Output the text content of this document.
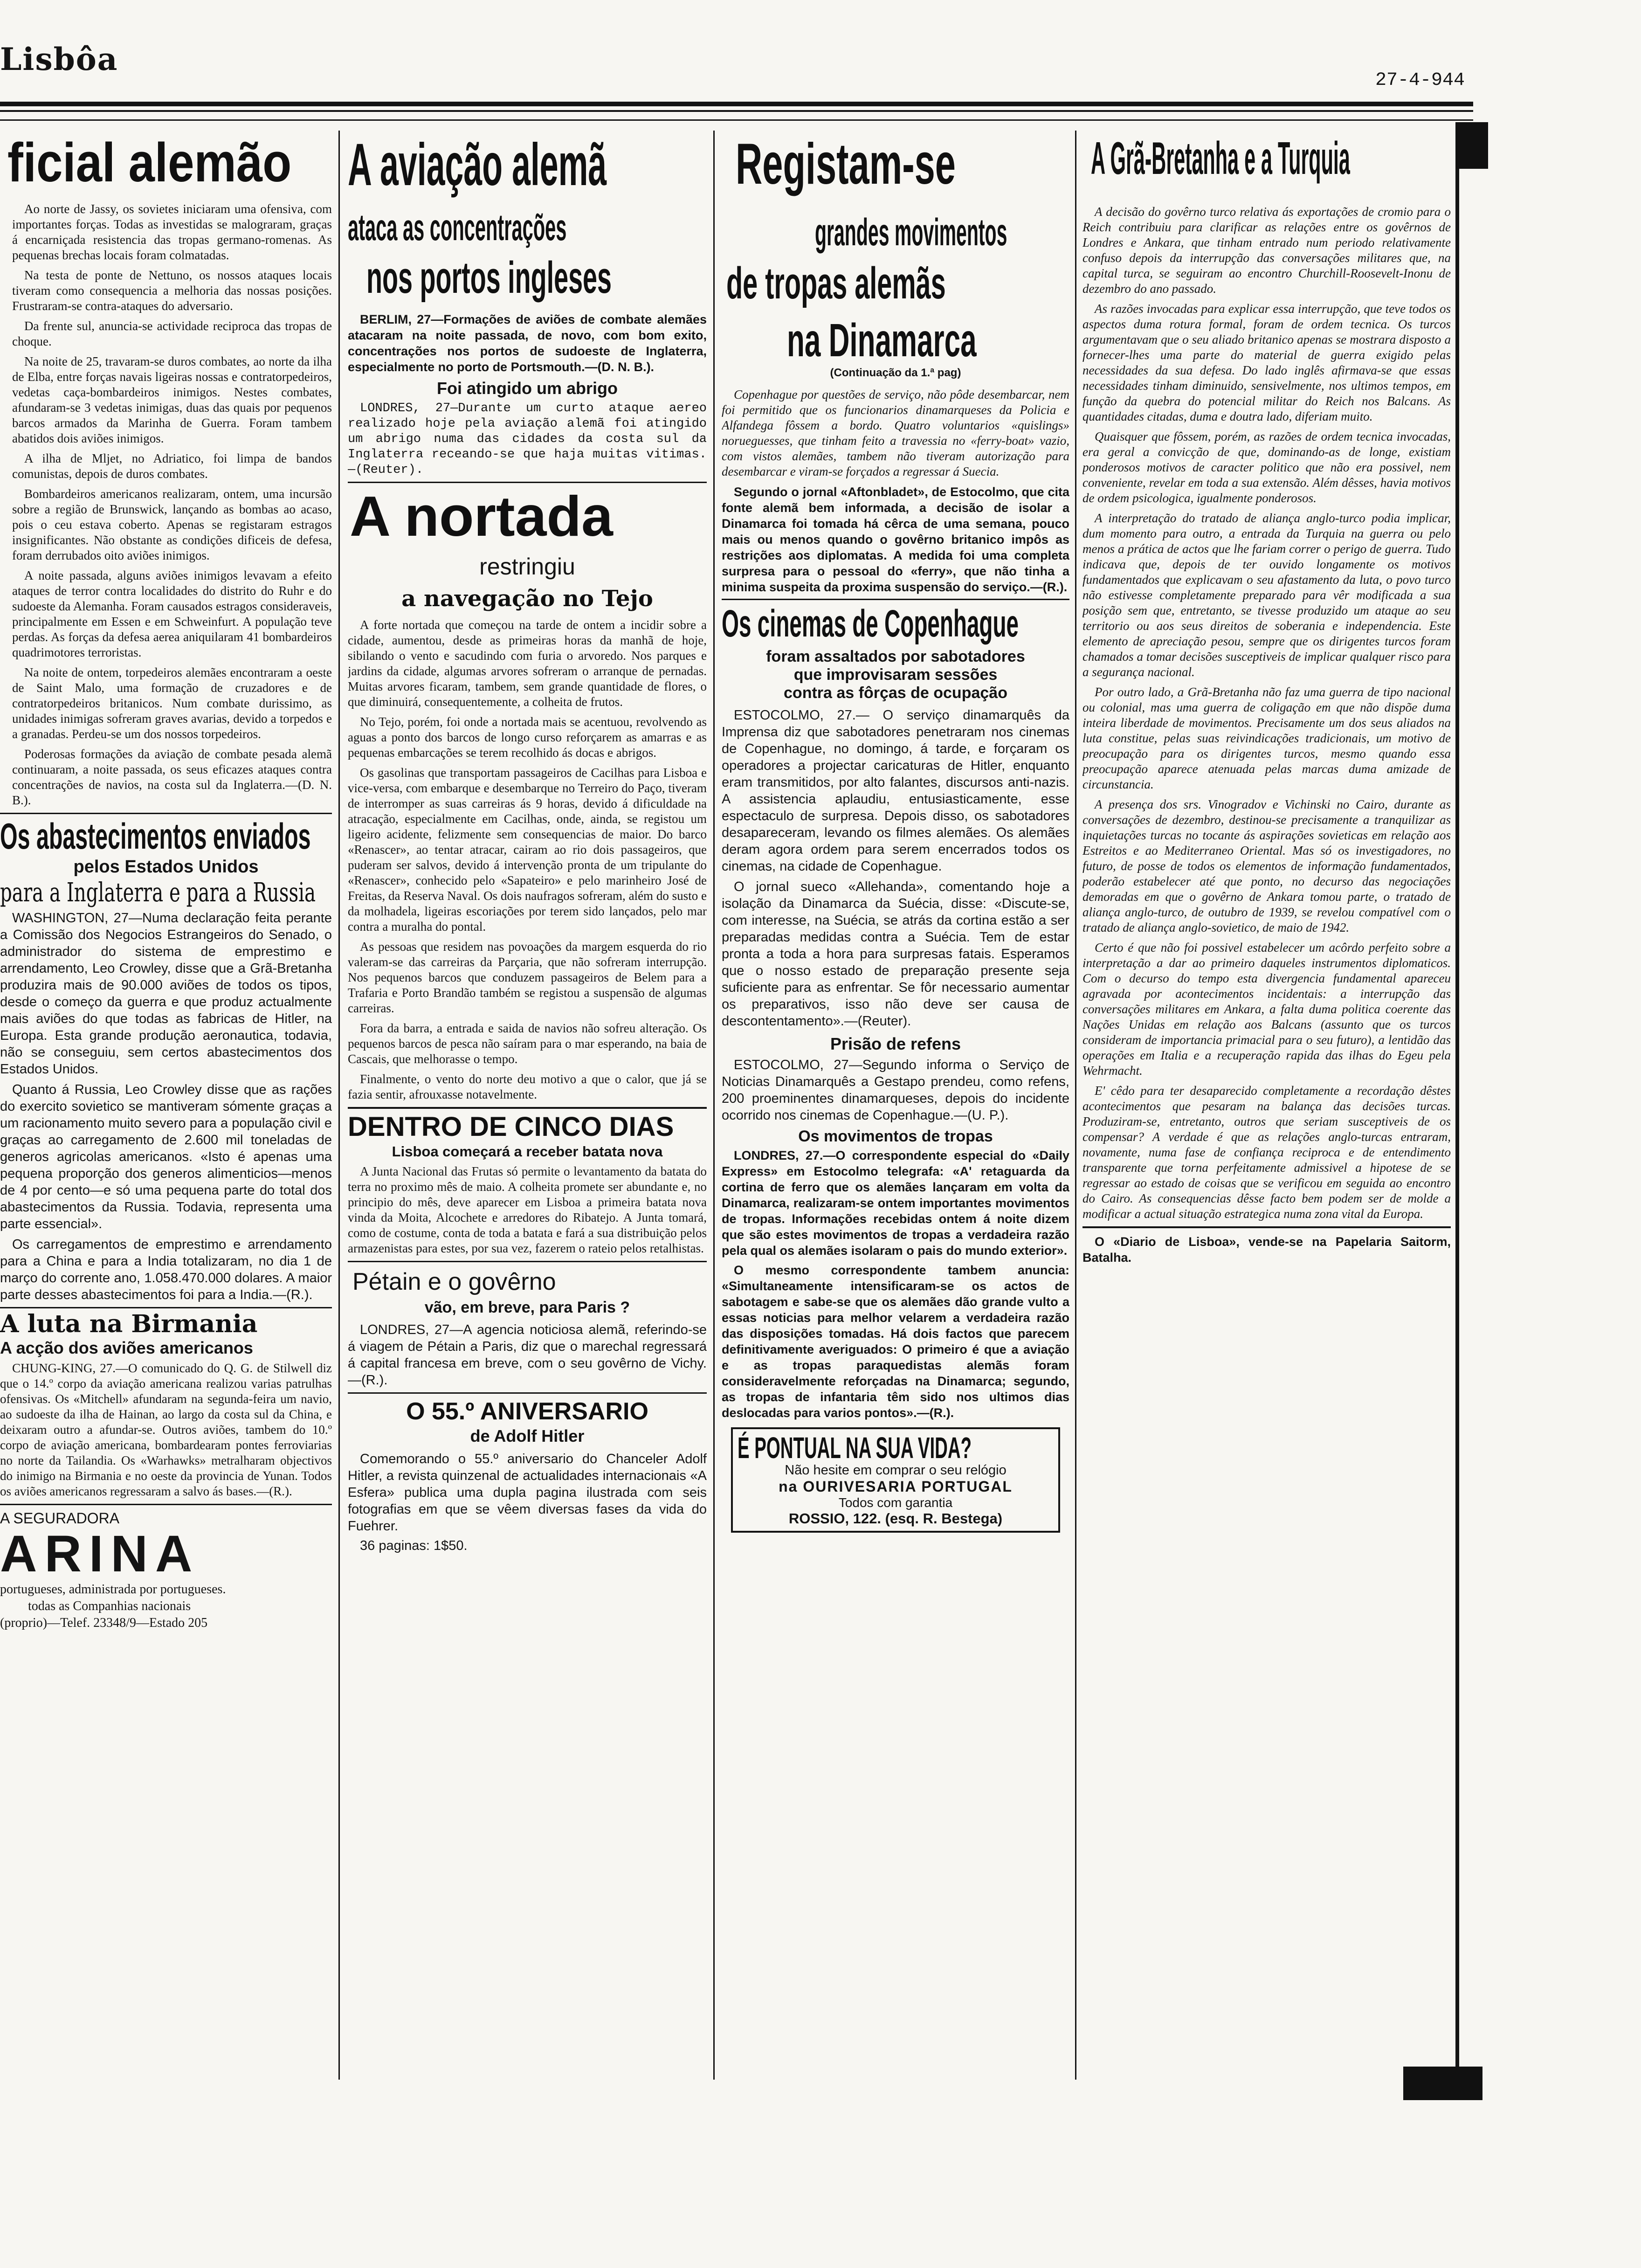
Lisbôa
27-4-944
ficial alemão

Ao norte de Jassy, os sovietes iniciaram uma ofensiva, com importantes forças. Todas as investidas se malograram, graças á encarniçada resistencia das tropas germano-romenas. As pequenas brechas locais foram colmatadas.

Na testa de ponte de Nettuno, os nossos ataques locais tiveram como consequencia a melhoria das nossas posições. Frustraram-se contra-ataques do adversario.

Da frente sul, anuncia-se actividade reciproca das tropas de choque.

Na noite de 25, travaram-se duros combates, ao norte da ilha de Elba, entre forças navais ligeiras nossas e contratorpedeiros, vedetas caça-bombardeiros inimigos. Nestes combates, afundaram-se 3 vedetas inimigas, duas das quais por pequenos barcos armados da Marinha de Guerra. Foram tambem abatidos dois aviões inimigos.

A ilha de Mljet, no Adriatico, foi limpa de bandos comunistas, depois de duros combates.

Bombardeiros americanos realizaram, ontem, uma incursão sobre a região de Brunswick, lançando as bombas ao acaso, pois o ceu estava coberto. Apenas se registaram estragos insignificantes. Não obstante as condições dificeis de defesa, foram derrubados oito aviões inimigos.

A noite passada, alguns aviões inimigos levavam a efeito ataques de terror contra localidades do distrito do Ruhr e do sudoeste da Alemanha. Foram causados estragos consideraveis, principalmente em Essen e em Schweinfurt. A população teve perdas. As forças da defesa aerea aniquilaram 41 bombardeiros quadrimotores terroristas.

Na noite de ontem, torpedeiros alemães encontraram a oeste de Saint Malo, uma formação de cruzadores e de contratorpedeiros britanicos. Num combate durissimo, as unidades inimigas sofreram graves avarias, devido a torpedos e a granadas. Perdeu-se um dos nossos torpedeiros.

Poderosas formações da aviação de combate pesada alemã continuaram, a noite passada, os seus eficazes ataques contra concentrações de navios, na costa sul da Inglaterra.—(D. N. B.).

Os abastecimentos enviados
pelos Estados Unidos
para a Inglaterra e para a Russia

WASHINGTON, 27—Numa declaração feita perante a Comissão dos Negocios Estrangeiros do Senado, o administrador do sistema de emprestimo e arrendamento, Leo Crowley, disse que a Grã-Bretanha produzira mais de 90.000 aviões de todos os tipos, desde o começo da guerra e que produz actualmente mais aviões do que todas as fabricas de Hitler, na Europa. Esta grande produção aeronautica, todavia, não se conseguiu, sem certos abastecimentos dos Estados Unidos.

Quanto á Russia, Leo Crowley disse que as rações do exercito sovietico se mantiveram sómente graças a um racionamento muito severo para a população civil e graças ao carregamento de 2.600 mil toneladas de generos agricolas americanos. «Isto é apenas uma pequena proporção dos generos alimenticios—menos de 4 por cento—e só uma pequena parte do total dos abastecimentos da Russia. Todavia, representa uma parte essencial».

Os carregamentos de emprestimo e arrendamento para a China e para a India totalizaram, no dia 1 de março do corrente ano, 1.058.470.000 dolares. A maior parte desses abastecimentos foi para a India.—(R.).

A luta na Birmania
A acção dos aviões americanos

CHUNG-KING, 27.—O comunicado do Q. G. de Stilwell diz que o 14.º corpo da aviação americana realizou varias patrulhas ofensivas. Os «Mitchell» afundaram na segunda-feira um navio, ao sudoeste da ilha de Hainan, ao largo da costa sul da China, e deixaram outro a afundar-se. Outros aviões, tambem do 10.º corpo de aviação americana, bombardearam pontes ferroviarias no norte da Tailandia. Os «Warhawks» metralharam objectivos do inimigo na Birmania e no oeste da provincia de Yunan. Todos os aviões americanos regressaram a salvo ás bases.—(R.).

A SEGURADORA
ARINA
portugueses, administrada por portugueses.
todas as Companhias nacionais
(proprio)—Telef. 23348/9—Estado 205
A aviação alemã
ataca as concentrações
nos portos ingleses

BERLIM, 27—Formações de aviões de combate alemães atacaram na noite passada, de novo, com bom exito, concentrações nos portos de sudoeste de Inglaterra, especialmente no porto de Portsmouth.—(D. N. B.).

Foi atingido um abrigo

LONDRES, 27—Durante um curto ataque aereo realizado hoje pela aviação alemã foi atingido um abrigo numa das cidades da costa sul da Inglaterra receando-se que haja muitas vitimas.—(Reuter).

A nortada
restringiu
a navegação no Tejo

A forte nortada que começou na tarde de ontem a incidir sobre a cidade, aumentou, desde as primeiras horas da manhã de hoje, sibilando o vento e sacudindo com furia o arvoredo. Nos parques e jardins da cidade, algumas arvores sofreram o arranque de pernadas. Muitas arvores ficaram, tambem, sem grande quantidade de flores, o que diminuirá, consequentemente, a colheita de frutos.

No Tejo, porém, foi onde a nortada mais se acentuou, revolvendo as aguas a ponto dos barcos de longo curso reforçarem as amarras e as pequenas embarcações se terem recolhido ás docas e abrigos.

Os gasolinas que transportam passageiros de Cacilhas para Lisboa e vice-versa, com embarque e desembarque no Terreiro do Paço, tiveram de interromper as suas carreiras ás 9 horas, devido á dificuldade na atracação, especialmente em Cacilhas, onde, ainda, se registou um ligeiro acidente, felizmente sem consequencias de maior. Do barco «Renascer», ao tentar atracar, cairam ao rio dois passageiros, que puderam ser salvos, devido á intervenção pronta de um tripulante do «Renascer», conhecido pelo «Sapateiro» e pelo marinheiro José de Freitas, da Reserva Naval. Os dois naufragos sofreram, além do susto e da molhadela, ligeiras escoriações por terem sido lançados, pelo mar contra a muralha do pontal.

As pessoas que residem nas povoações da margem esquerda do rio valeram-se das carreiras da Parçaria, que não sofreram interrupção. Nos pequenos barcos que conduzem passageiros de Belem para a Trafaria e Porto Brandão também se registou a suspensão de algumas carreiras.

Fora da barra, a entrada e saida de navios não sofreu alteração. Os pequenos barcos de pesca não saíram para o mar esperando, na baia de Cascais, que melhorasse o tempo.

Finalmente, o vento do norte deu motivo a que o calor, que já se fazia sentir, afrouxasse notavelmente.

DENTRO DE CINCO DIAS
Lisboa começará a receber batata nova

A Junta Nacional das Frutas só permite o levantamento da batata do terra no proximo mês de maio. A colheita promete ser abundante e, no principio do mês, deve aparecer em Lisboa a primeira batata nova vinda da Moita, Alcochete e arredores do Ribatejo. A Junta tomará, como de costume, conta de toda a batata e fará a sua distribuição pelos armazenistas para estes, por sua vez, fazerem o rateio pelos retalhistas.

Pétain e o govêrno
vão, em breve, para Paris ?

LONDRES, 27—A agencia noticiosa alemã, referindo-se á viagem de Pétain a Paris, diz que o marechal regressará á capital francesa em breve, com o seu govêrno de Vichy.—(R.).

O 55.º ANIVERSARIO
de Adolf Hitler

Comemorando o 55.º aniversario do Chanceler Adolf Hitler, a revista quinzenal de actualidades internacionais «A Esfera» publica uma dupla pagina ilustrada com seis fotografias em que se vêem diversas fases da vida do Fuehrer.

36 paginas: 1$50.
Registam-se
grandes movimentos
de tropas alemãs
na Dinamarca
(Continuação da 1.ª pag)

Copenhague por questões de serviço, não pôde desembarcar, nem foi permitido que os funcionarios dinamarqueses da Policia e Alfandega fôssem a bordo. Quatro voluntarios «quislings» norueguesses, que tinham feito a travessia no «ferry-boat» vazio, com vistos alemães, tambem não tiveram autorização para desembarcar e viram-se forçados a regressar á Suecia.

Segundo o jornal «Aftonbladet», de Estocolmo, que cita fonte alemã bem informada, a decisão de isolar a Dinamarca foi tomada há cêrca de uma semana, pouco mais ou menos quando o govêrno britanico impôs as restrições aos diplomatas. A medida foi uma completa surpresa para o pessoal do «ferry», que não tinha a minima suspeita da proxima suspensão do serviço.—(R.).

Os cinemas de Copenhague
foram assaltados por sabotadores
que improvisaram sessões
contra as fôrças de ocupação

ESTOCOLMO, 27.— O serviço dinamarquês da Imprensa diz que sabotadores penetraram nos cinemas de Copenhague, no domingo, á tarde, e forçaram os operadores a projectar caricaturas de Hitler, enquanto eram transmitidos, por alto falantes, discursos anti-nazis. A assistencia aplaudiu, entusiasticamente, esse espectaculo de surpresa. Depois disso, os sabotadores desapareceram, levando os filmes alemães. Os alemães deram agora ordem para serem encerrados todos os cinemas, na cidade de Copenhague.

O jornal sueco «Allehanda», comentando hoje a isolação da Dinamarca da Suécia, disse: «Discute-se, com interesse, na Suécia, se atrás da cortina estão a ser preparadas medidas contra a Suécia. Tem de estar pronta a toda a hora para surpresas fatais. Esperamos que o nosso estado de preparação presente seja suficiente para as enfrentar. Se fôr necessario aumentar os preparativos, isso não deve ser causa de descontentamento».—(Reuter).

Prisão de refens

ESTOCOLMO, 27—Segundo informa o Serviço de Noticias Dinamarquês a Gestapo prendeu, como refens, 200 proeminentes dinamarqueses, depois do incidente ocorrido nos cinemas de Copenhague.—(U. P.).

Os movimentos de tropas

LONDRES, 27.—O correspondente especial do «Daily Express» em Estocolmo telegrafa: «A' retaguarda da cortina de ferro que os alemães lançaram em volta da Dinamarca, realizaram-se ontem importantes movimentos de tropas. Informações recebidas ontem á noite dizem que são estes movimentos de tropas a verdadeira razão pela qual os alemães isolaram o pais do mundo exterior».

O mesmo correspondente tambem anuncia: «Simultaneamente intensificaram-se os actos de sabotagem e sabe-se que os alemães dão grande vulto a essas noticias para melhor velarem a verdadeira razão das disposições tomadas. Há dois factos que parecem definitivamente averiguados: O primeiro é que a aviação e as tropas paraquedistas alemãs foram consideravelmente reforçadas na Dinamarca; segundo, as tropas de infantaria têm sido nos ultimos dias deslocadas para varios pontos».—(R.).

É PONTUAL NA SUA VIDA?
Não hesite em comprar o seu relógio
na OURIVESARIA PORTUGAL
Todos com garantia
ROSSIO, 122. (esq. R. Bestega)
A Grã-Bretanha e a Turquia

A decisão do govêrno turco relativa ás exportações de cromio para o Reich contribuiu para clarificar as relações entre os govêrnos de Londres e Ankara, que tinham entrado num periodo relativamente confuso depois da interrupção das conversações militares que, na capital turca, se seguiram ao encontro Churchill-Roosevelt-Inonu de dezembro do ano passado.

As razões invocadas para explicar essa interrupção, que teve todos os aspectos duma rotura formal, foram de ordem tecnica. Os turcos argumentavam que o seu aliado britanico apenas se mostrara disposto a fornecer-lhes uma parte do material de guerra exigido pelas necessidades da sua defesa. Do lado inglês afirmava-se que essas necessidades tinham diminuido, sensivelmente, nos ultimos tempos, em função da quebra do potencial militar do Reich nos Balcans. As quantidades citadas, duma e doutra lado, diferiam muito.

Quaisquer que fôssem, porém, as razões de ordem tecnica invocadas, era geral a convicção de que, dominando-as de longe, existiam ponderosos motivos de caracter politico que não era possivel, nem conveniente, revelar em toda a sua extensão. Além dêsses, havia motivos de ordem psicologica, igualmente ponderosos.

A interpretação do tratado de aliança anglo-turco podia implicar, dum momento para outro, a entrada da Turquia na guerra ou pelo menos a prática de actos que lhe fariam correr o perigo de guerra. Tudo indicava que, depois de ter ouvido longamente os motivos fundamentados que explicavam o seu afastamento da luta, o povo turco não estivesse completamente preparado para vêr modificada a sua posição sem que, entretanto, se tivesse produzido um ataque ao seu territorio ou aos seus direitos de soberania e independencia. Este elemento de apreciação pesou, sempre que os dirigentes turcos foram chamados a tomar decisões susceptiveis de implicar qualquer risco para a segurança nacional.

Por outro lado, a Grã-Bretanha não faz uma guerra de tipo nacional ou colonial, mas uma guerra de coligação em que não dispõe duma inteira liberdade de movimentos. Precisamente um dos seus aliados na luta constitue, pelas suas reivindicações tradicionais, um motivo de preocupação para os dirigentes turcos, mesmo quando essa preocupação aparece atenuada pelas marcas duma amizade de circunstancia.

A presença dos srs. Vinogradov e Vichinski no Cairo, durante as conversações de dezembro, destinou-se precisamente a tranquilizar as inquietações turcas no tocante ás aspirações sovieticas em relação aos Estreitos e ao Mediterraneo Oriental. Mas só os investigadores, no futuro, de posse de todos os elementos de informação fundamentados, poderão estabelecer até que ponto, no decurso das negociações demoradas em que o govêrno de Ankara tomou parte, o tratado de aliança anglo-turco, de outubro de 1939, se revelou compatível com o tratado de aliança anglo-sovietico, de maio de 1942.

Certo é que não foi possivel estabelecer um acôrdo perfeito sobre a interpretação a dar ao primeiro daqueles instrumentos diplomaticos. Com o decurso do tempo esta divergencia fundamental apareceu agravada por acontecimentos incidentais: a interrupção das conversações militares em Ankara, a falta duma politica coerente das Nações Unidas em relação aos Balcans (assunto que os turcos consideram de importancia primacial para o seu futuro), a lentidão das operações em Italia e a recuperação rapida das ilhas do Egeu pela Wehrmacht.

E' cêdo para ter desaparecido completamente a recordação dêstes acontecimentos que pesaram na balança das decisões turcas. Produziram-se, entretanto, outros que seriam susceptiveis de os compensar? A verdade é que as relações anglo-turcas entraram, novamente, numa fase de confiança reciproca e de entendimento transparente que torna perfeitamente admissivel a hipotese de se regressar ao estado de coisas que se verificou em seguida ao encontro do Cairo. As consequencias dêsse facto bem podem ser de molde a modificar a actual situação estrategica numa zona vital da Europa.

O «Diario de Lisboa», vende-se na Papelaria Saitorm, Batalha.
